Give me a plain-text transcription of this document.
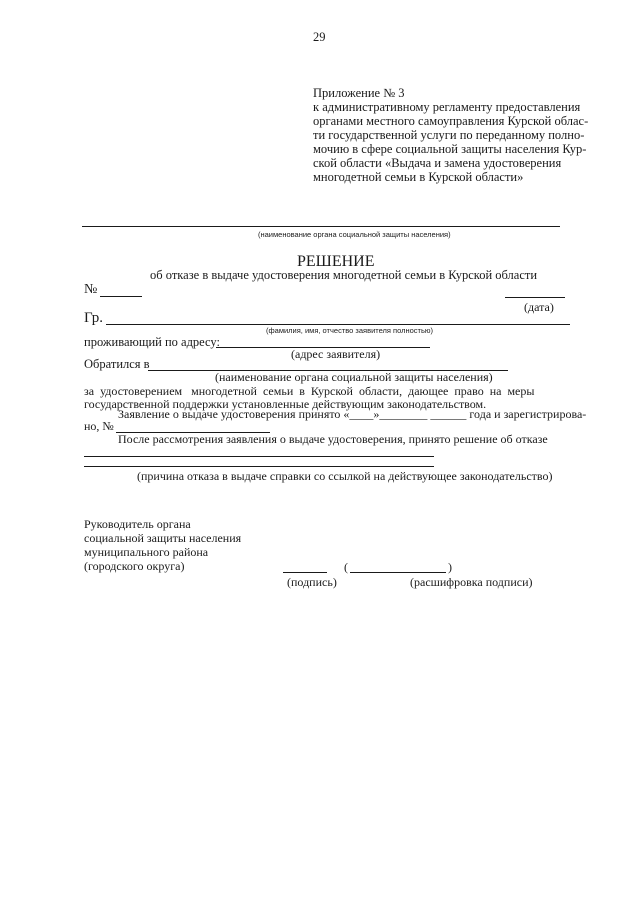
29
Приложение № 3
к административному регламенту предоставления
органами местного самоуправления Курской облас-
ти государственной услуги по переданному полно-
мочию в сфере социальной защиты населения Кур-
ской области «Выдача и замена удостоверения
многодетной семьи в Курской области»
(наименование органа социальной защиты населения)
РЕШЕНИЕ
об отказе в выдаче удостоверения многодетной семьи в Курской области
№
(дата)
Гр.
(фамилия, имя, отчество заявителя полностью)
проживающий по адресу:
(адрес заявителя)
Обратился в
(наименование органа социальной защиты населения)
за  удостоверением   многодетной  семьи  в  Курской  области,  дающее  право  на  меры
государственной поддержки установленные действующим законодательством.
Заявление о выдаче удостоверения принято «____»________ ______ года и зарегистрирова-
но, №
После рассмотрения заявления о выдаче удостоверения, принято решение об отказе
(причина отказа в выдаче справки со ссылкой на действующее законодательство)
Руководитель органа
социальной защиты населения
муниципального района
(городского округа)	(	)
(подпись)	(расшифровка подписи)
